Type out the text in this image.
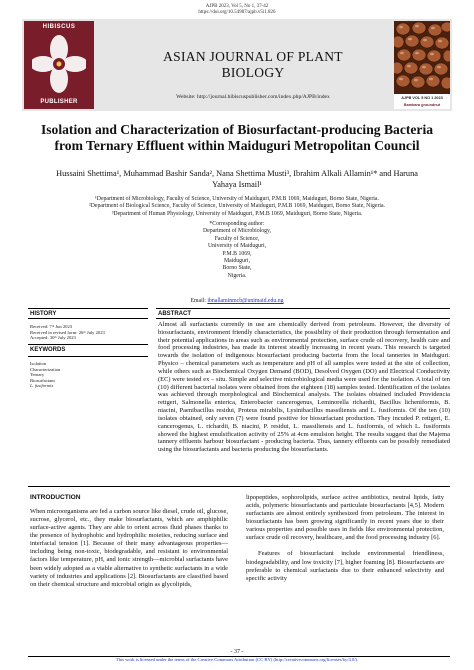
AJPB 2023, Vol 5, No 1, 37-42
https://doi.org/10.54987/ajpb.v5i1.826
HIBISCUS
PUBLISHER
ASIAN JOURNAL OF PLANT
BIOLOGY
Website: http://journal.hibiscuspublisher.com/index.php/AJPB/index	AJPB VOL 5 NO 1 2023
Bambara groundnut
Isolation and Characterization of Biosurfactant-producing Bacteria
from Ternary Effluent within Maiduguri Metropolitan Council
Hussaini Shettima¹, Muhammad Bashir Sanda², Nana Shettima Musti³, Ibrahim Alkali Allamin¹* and Haruna
Yahaya Ismail¹
¹Department of Microbiology, Faculty of Science, University of Maiduguri, P.M.B 1069, Maiduguri, Borno State, Nigeria.
²Department of Biological Science, Faculty of Science, University of Maiduguri, P.M.B 1069, Maiduguri, Borno State, Nigeria.
³Department of Human Physiology, University of Maiduguri, P.M.B 1069, Maiduguri, Borno State, Nigeria.
*Corresponding author:
Department of Microbiology,
Faculty of Science,
University of Maiduguri,
P.M.B 1069,
Maiduguri,
Borno State,
Nigeria.
Email: ibnallaminmcb@unimaid.edu.ng
HISTORY	ABSTRACT
Received: 7ᵗʰ Jun 2023
Received in revised form: 26ᵗʰ July 2023
Accepted: 30ᵗʰ July 2023
KEYWORDS
Isolation
Characterization
Ternary
Biosurfactant
L. fusiformis

Almost all surfactants currently in use are chemically derived from petroleum. However, the diversity of biosurfactants, environment friendly characteristics, the possibility of their production through fermentation and their potential applications in areas such as environmental protection, surface crude oil recovery, health care and food processing industries, has made its interest steadily increasing in recent years. This research is targeted towards the isolation of indigenous biosurfactant producing bacteria from the local tanneries in Maiduguri. Physico – chemical parameters such as temperature and pH of all samples were tested at the site of collection, while others such as Biochemical Oxygen Demand (BOD), Desolved Oxygen (DO) and Electrical Conductivity (EC) were tested ex – situ. Simple and selective microbiological media were used for the isolation. A total of ten (10) different bacterial isolates were obtained from the eighteen (18) samples tested. Identification of the isolates was achieved through morphological and Biochemical analysis. The isolates obtained included Providencia rettgeri, Salmonella enterica, Enterobacter cancerogenus, Leminorella richardii, Bacillus licheniformis, B. niacini, Paenibacillus residui, Proteus mirabilis, Lysinibacillus massiliensis and L. fusiformis. Of the ten (10) isolates obtained, only seven (7) were found positive for biosurfactant production. They incuded P. rettgeri, E. cancerogenus, L. richardii, B. niacini, P. residui, L. massiliensis and L. fusiformis, of which L. fusiformis showed the highest emulsification activity of 25% at 4cm emulsion height. The results suggest that the Majema tannery effluents harbour biosurfactant - producing bacteria. Thus, tannery effluents can be possibly remediated using the biosurfactants and bacteria producing the biosurfactants.

INTRODUCTION

When microorganisms are fed a carbon source like diesel, crude oil, glucose, sucrose, glycerol, etc., they make biosurfactants, which are amphiphilic surface-active agents. They are able to orient across fluid phases thanks to the presence of hydrophobic and hydrophilic moieties, reducing surface and interfacial tension [1]. Because of their many advantageous properties—including being non-toxic, biodegradable, and resistant to environmental factors like temperature, pH, and ionic strength—microbial surfactants have been widely adopted as a viable alternative to synthetic surfactants in a wide variety of industries and applications [2]. Biosurfactants are classified based on their chemical structure and microbial origin as glycolipids,

lipopeptides, sophorolipids, surface active antibiotics, neutral lipids, fatty acids, polymeric biosurfactants and particulate biosurfactants [4,5]. Modern surfactants are almost entirely synthesized from petroleum. The interest in biosurfactants has been growing significantly in recent years due to their various properties and possible uses in fields like environmental protection, surface crude oil recovery, healthcare, and the food processing industry [6].

Features of biosurfactant include environmental friendliness, biodegradability, and low toxicity [7], higher foaming [8]. Biosurfactants are preferable to chemical surfactants due to their enhanced selectivity and specific activity

- 37 -
This work is licensed under the terms of the Creative Commons Attribution (CC BY) (http://creativecommons.org/licenses/by/4.0/).
